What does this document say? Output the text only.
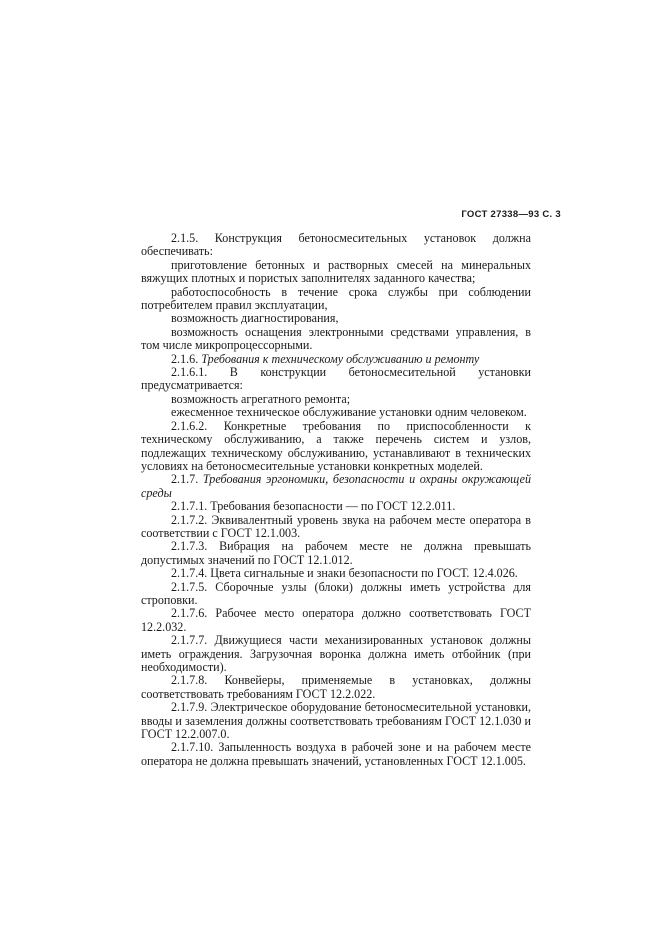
ГОСТ 27338—93 С. 3

2.1.5. Конструкция бетоносмесительных установок должна обеспечивать:

приготовление бетонных и растворных смесей на минеральных вяжущих плотных и пористых заполнителях заданного качества;

работоспособность в течение срока службы при соблюдении потребителем правил эксплуатации,

возможность диагностирования,

возможность оснащения электронными средствами управления, в том числе микропроцессорными.

2.1.6. Требования к техническому обслуживанию и ремонту

2.1.6.1. В конструкции бетоносмесительной установки предусматривается:

возможность агрегатного ремонта;

ежесменное техническое обслуживание установки одним человеком.

2.1.6.2. Конкретные требования по приспособленности к техническому обслуживанию, а также перечень систем и узлов, подлежащих техническому обслуживанию, устанавливают в технических условиях на бетоносмесительные установки конкретных моделей.

2.1.7. Требования эргономики, безопасности и охраны окружающей среды

2.1.7.1. Требования безопасности — по ГОСТ 12.2.011.

2.1.7.2. Эквивалентный уровень звука на рабочем месте оператора в соответствии с ГОСТ 12.1.003.

2.1.7.3. Вибрация на рабочем месте не должна превышать допустимых значений по ГОСТ 12.1.012.

2.1.7.4. Цвета сигнальные и знаки безопасности по ГОСТ. 12.4.026.

2.1.7.5. Сборочные узлы (блоки) должны иметь устройства для строповки.

2.1.7.6. Рабочее место оператора должно соответствовать ГОСТ 12.2.032.

2.1.7.7. Движущиеся части механизированных установок должны иметь ограждения. Загрузочная воронка должна иметь отбойник (при необходимости).

2.1.7.8. Конвейеры, применяемые в установках, должны соответствовать требованиям ГОСТ 12.2.022.

2.1.7.9. Электрическое оборудование бетоносмесительной установки, вводы и заземления должны соответствовать требованиям ГОСТ 12.1.030 и ГОСТ 12.2.007.0.

2.1.7.10. Запыленность воздуха в рабочей зоне и на рабочем месте оператора не должна превышать значений, установленных ГОСТ 12.1.005.
